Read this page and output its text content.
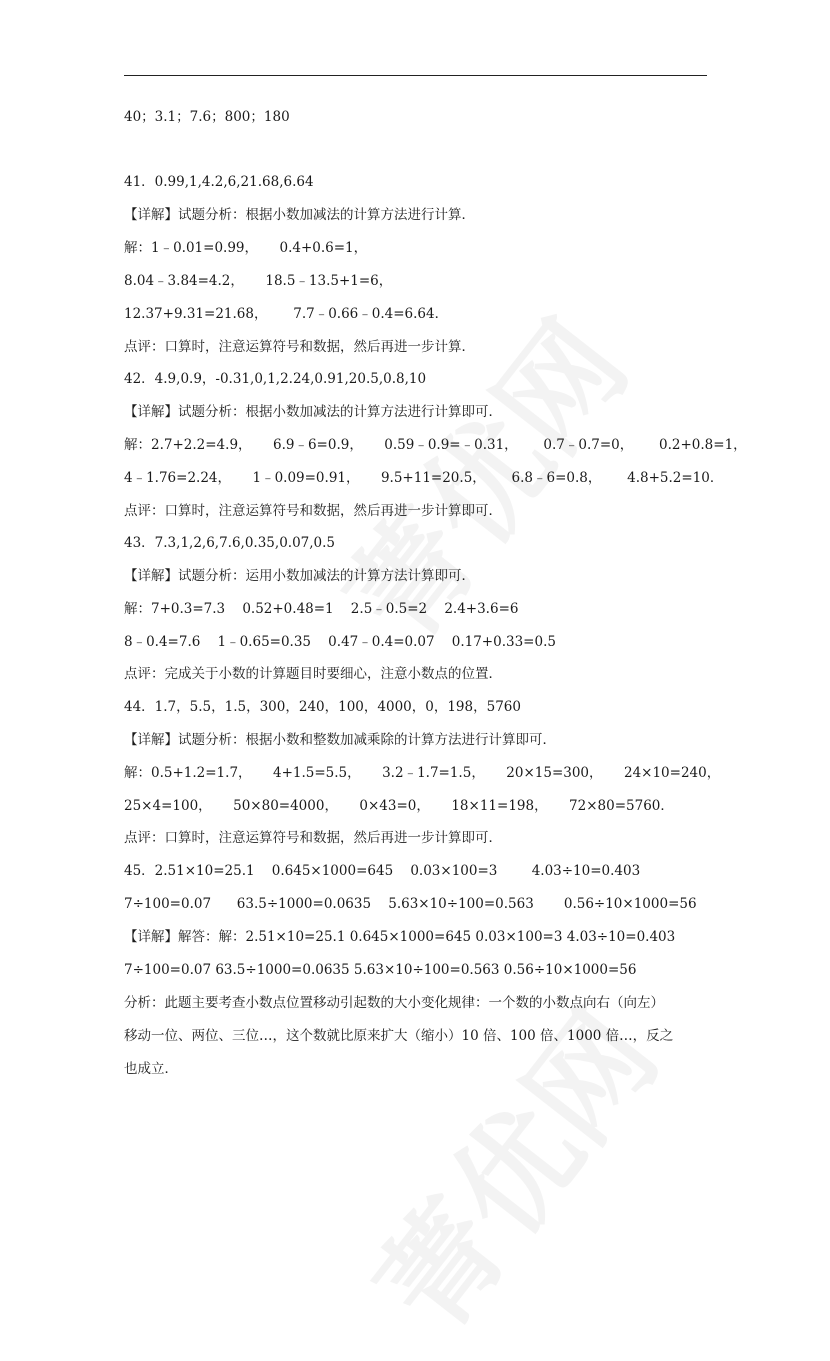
40；3.1；7.6；800；180
41．0.99,1,4.2,6,21.68,6.64
【详解】试题分析：根据小数加减法的计算方法进行计算．
解：1﹣0.01=0.99，     0.4+0.6=1，
8.04﹣3.84=4.2，     18.5﹣13.5+1=6，
12.37+9.31=21.68，      7.7﹣0.66﹣0.4=6.64．
点评：口算时，注意运算符号和数据，然后再进一步计算．
42．4.9,0.9，-0.31,0,1,2.24,0.91,20.5,0.8,10
【详解】试题分析：根据小数加减法的计算方法进行计算即可．
解：2.7+2.2=4.9，     6.9﹣6=0.9，     0.59﹣0.9=﹣0.31，      0.7﹣0.7=0，      0.2+0.8=1，
4﹣1.76=2.24，     1﹣0.09=0.91，     9.5+11=20.5，      6.8﹣6=0.8，      4.8+5.2=10．
点评：口算时，注意运算符号和数据，然后再进一步计算即可．
43．7.3,1,2,6,7.6,0.35,0.07,0.5
【详解】试题分析：运用小数加减法的计算方法计算即可．
解：7+0.3=7.3    0.52+0.48=1    2.5﹣0.5=2    2.4+3.6=6
8﹣0.4=7.6    1﹣0.65=0.35    0.47﹣0.4=0.07    0.17+0.33=0.5
点评：完成关于小数的计算题目时要细心，注意小数点的位置．
44．1.7，5.5，1.5，300，240，100，4000，0，198，5760
【详解】试题分析：根据小数和整数加减乘除的计算方法进行计算即可．
解：0.5+1.2=1.7，     4+1.5=5.5，     3.2﹣1.7=1.5，     20×15=300，     24×10=240，
25×4=100，     50×80=4000，     0×43=0，     18×11=198，     72×80=5760．
点评：口算时，注意运算符号和数据，然后再进一步计算即可．
45．2.51×10=25.1    0.645×1000=645    0.03×100=3        4.03÷10=0.403
7÷100=0.07      63.5÷1000=0.0635    5.63×10÷100=0.563       0.56÷10×1000=56
【详解】解答：解：2.51×10=25.1 0.645×1000=645 0.03×100=3 4.03÷10=0.403
7÷100=0.07 63.5÷1000=0.0635 5.63×10÷100=0.563 0.56÷10×1000=56
分析：此题主要考查小数点位置移动引起数的大小变化规律：一个数的小数点向右（向左）
移动一位、两位、三位…，这个数就比原来扩大（缩小）10 倍、100 倍、1000 倍…，反之
也成立．
